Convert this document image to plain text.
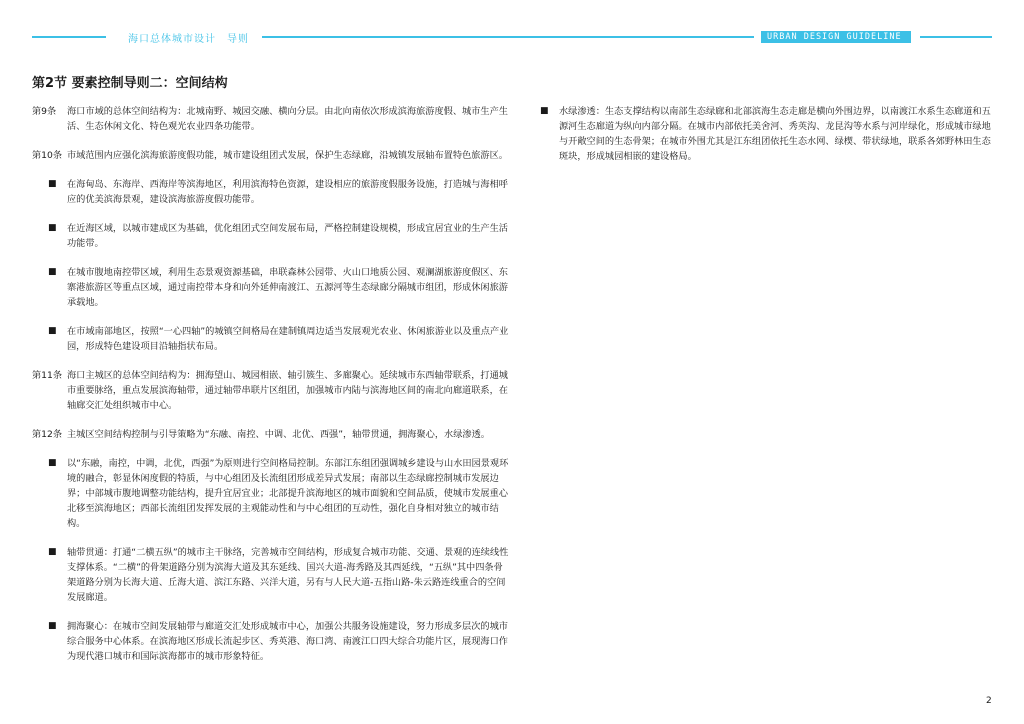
海口总体城市设计　导则	URBAN DESIGN GUIDELINE
第2节 要素控制导则二：空间结构
第9条	海口市域的总体空间结构为：北城南野、城园交融、横向分层。由北向南依次形成滨海旅游度假、城市生产生活、生态休闲文化、特色观光农业四条功能带。
第10条 市域范围内应强化滨海旅游度假功能，城市建设组团式发展，保护生态绿廊，沿城镇发展轴布置特色旅游区。
■	在海甸岛、东海岸、西海岸等滨海地区，利用滨海特色资源，建设相应的旅游度假服务设施，打造城与海相呼应的优美滨海景观，建设滨海旅游度假功能带。
■	在近海区域，以城市建成区为基础，优化组团式空间发展布局，严格控制建设规模，形成宜居宜业的生产生活功能带。
■	在城市腹地南控带区域，利用生态景观资源基础，串联森林公园带、火山口地质公园、观澜湖旅游度假区、东寨港旅游区等重点区域，通过南控带本身和向外延伸南渡江、五源河等生态绿廊分隔城市组团，形成休闲旅游承载地。
■	在市域南部地区，按照“一心四轴”的城镇空间格局在建制镇周边适当发展观光农业、休闲旅游业以及重点产业园，形成特色建设项目沿轴指状布局。
第11条 海口主城区的总体空间结构为：拥海望山、城园相嵌、轴引簇生、多廊聚心。延续城市东西轴带联系，打通城市重要脉络，重点发展滨海轴带，通过轴带串联片区组团，加强城市内陆与滨海地区间的南北向廊道联系，在轴廊交汇处组织城市中心。
第12条 主城区空间结构控制与引导策略为“东融、南控、中调、北优、西强”，轴带贯通，拥海聚心，水绿渗透。
■	以“东融，南控，中调，北优，西强”为原则进行空间格局控制。东部江东组团强调城乡建设与山水田园景观环境的融合，彰显休闲度假的特质，与中心组团及长流组团形成差异式发展；南部以生态绿廊控制城市发展边界；中部城市腹地调整功能结构，提升宜居宜业；北部提升滨海地区的城市面貌和空间品质，使城市发展重心北移至滨海地区；西部长流组团发挥发展的主观能动性和与中心组团的互动性，强化自身相对独立的城市结构。
■	轴带贯通：打通“二横五纵”的城市主干脉络，完善城市空间结构，形成复合城市功能、交通、景观的连续线性支撑体系。“二横”的骨架道路分别为滨海大道及其东延线、国兴大道-海秀路及其西延线，“五纵”其中四条骨架道路分别为长海大道、丘海大道、滨江东路、兴洋大道，另有与人民大道-五指山路-朱云路连线重合的空间发展廊道。
■	拥海聚心：在城市空间发展轴带与廊道交汇处形成城市中心，加强公共服务设施建设，努力形成多层次的城市综合服务中心体系。在滨海地区形成长流起步区、秀英港、海口湾、南渡江口四大综合功能片区，展现海口作为现代港口城市和国际滨海都市的城市形象特征。
■	水绿渗透：生态支撑结构以南部生态绿廊和北部滨海生态走廊是横向外围边界，以南渡江水系生态廊道和五源河生态廊道为纵向内部分隔。在城市内部依托美舍河、秀英沟、龙昆沟等水系与河岸绿化，形成城市绿地与开敞空间的生态骨架；在城市外围尤其是江东组团依托生态水网、绿楔、带状绿地，联系各郊野林田生态斑块，形成城园相嵌的建设格局。
2
